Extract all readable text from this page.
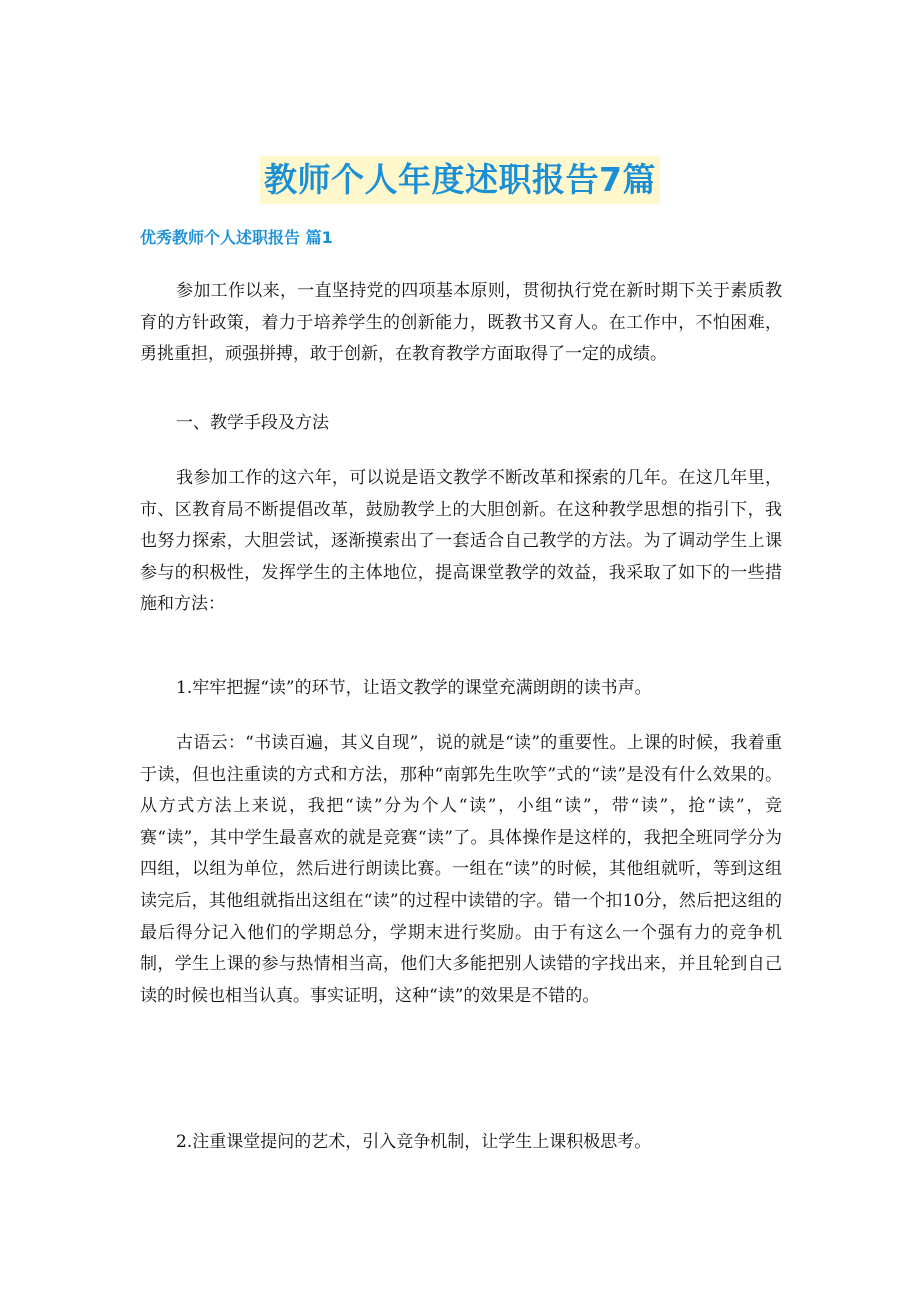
教师个人年度述职报告7篇
优秀教师个人述职报告 篇1

参加工作以来，一直坚持党的四项基本原则，贯彻执行党在新时期下关于素质教育的方针政策，着力于培养学生的创新能力，既教书又育人。在工作中，不怕困难，勇挑重担，顽强拼搏，敢于创新，在教育教学方面取得了一定的成绩。

一、教学手段及方法

我参加工作的这六年，可以说是语文教学不断改革和探索的几年。在这几年里，市、区教育局不断提倡改革，鼓励教学上的大胆创新。在这种教学思想的指引下，我也努力探索，大胆尝试，逐渐摸索出了一套适合自己教学的方法。为了调动学生上课参与的积极性，发挥学生的主体地位，提高课堂教学的效益，我采取了如下的一些措施和方法：

1.牢牢把握“读”的环节，让语文教学的课堂充满朗朗的读书声。

古语云：“书读百遍，其义自现”，说的就是“读”的重要性。上课的时候，我着重于读，但也注重读的方式和方法，那种“南郭先生吹竽”式的“读”是没有什么效果的。从方式方法上来说，我把“读”分为个人“读”，小组“读”，带“读”，抢“读”，竞赛“读”，其中学生最喜欢的就是竞赛“读”了。具体操作是这样的，我把全班同学分为四组，以组为单位，然后进行朗读比赛。一组在“读”的时候，其他组就听，等到这组读完后，其他组就指出这组在“读”的过程中读错的字。错一个扣10分，然后把这组的最后得分记入他们的学期总分，学期末进行奖励。由于有这么一个强有力的竞争机制，学生上课的参与热情相当高，他们大多能把别人读错的字找出来，并且轮到自己读的时候也相当认真。事实证明，这种“读”的效果是不错的。

2.注重课堂提问的艺术，引入竞争机制，让学生上课积极思考。
